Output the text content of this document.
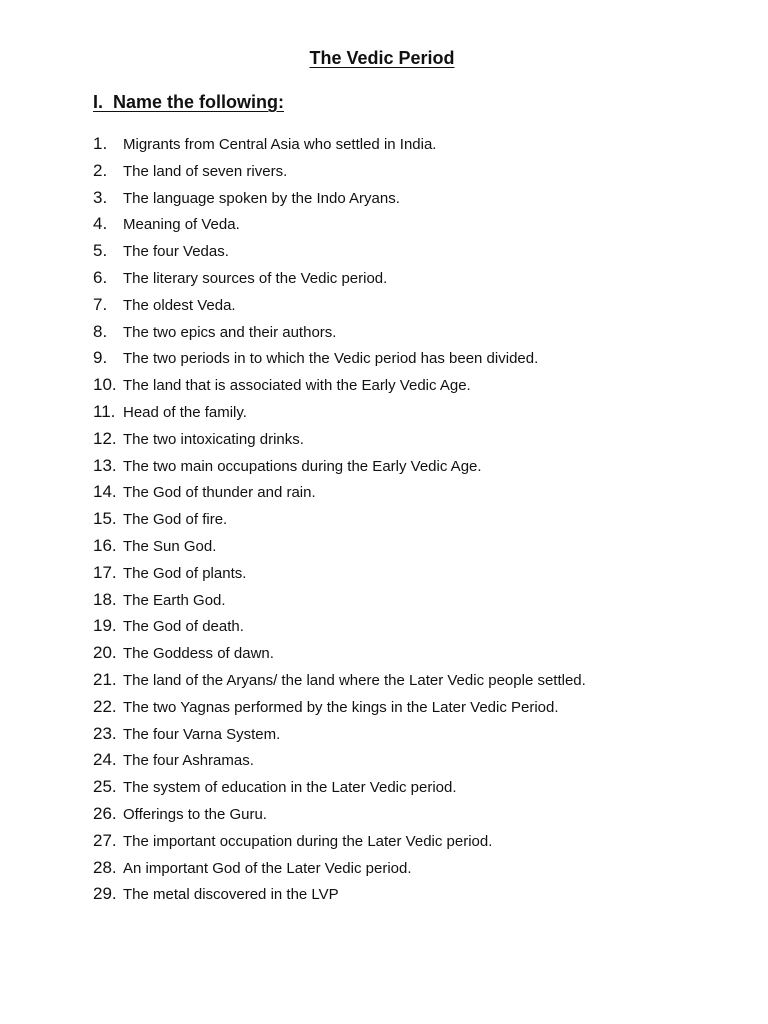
The Vedic Period
I.  Name the following:
1. Migrants from Central Asia who settled in India.
2. The land of seven rivers.
3. The language spoken by the Indo Aryans.
4. Meaning of Veda.
5. The four Vedas.
6. The literary sources of the Vedic period.
7. The oldest Veda.
8. The two epics and their authors.
9. The two periods in to which the Vedic period has been divided.
10. The land that is associated with the Early Vedic Age.
11. Head of the family.
12. The two intoxicating drinks.
13. The two main occupations during the Early Vedic Age.
14. The God of thunder and rain.
15. The God of fire.
16. The Sun God.
17. The God of plants.
18. The Earth God.
19. The God of death.
20. The Goddess of dawn.
21. The land of the Aryans/ the land where the Later Vedic people settled.
22. The two Yagnas performed by the kings in the Later Vedic Period.
23. The four Varna System.
24. The four Ashramas.
25. The system of education in the Later Vedic period.
26. Offerings to the Guru.
27. The important occupation during the Later Vedic period.
28. An important God of the Later Vedic period.
29. The metal discovered in the LVP
